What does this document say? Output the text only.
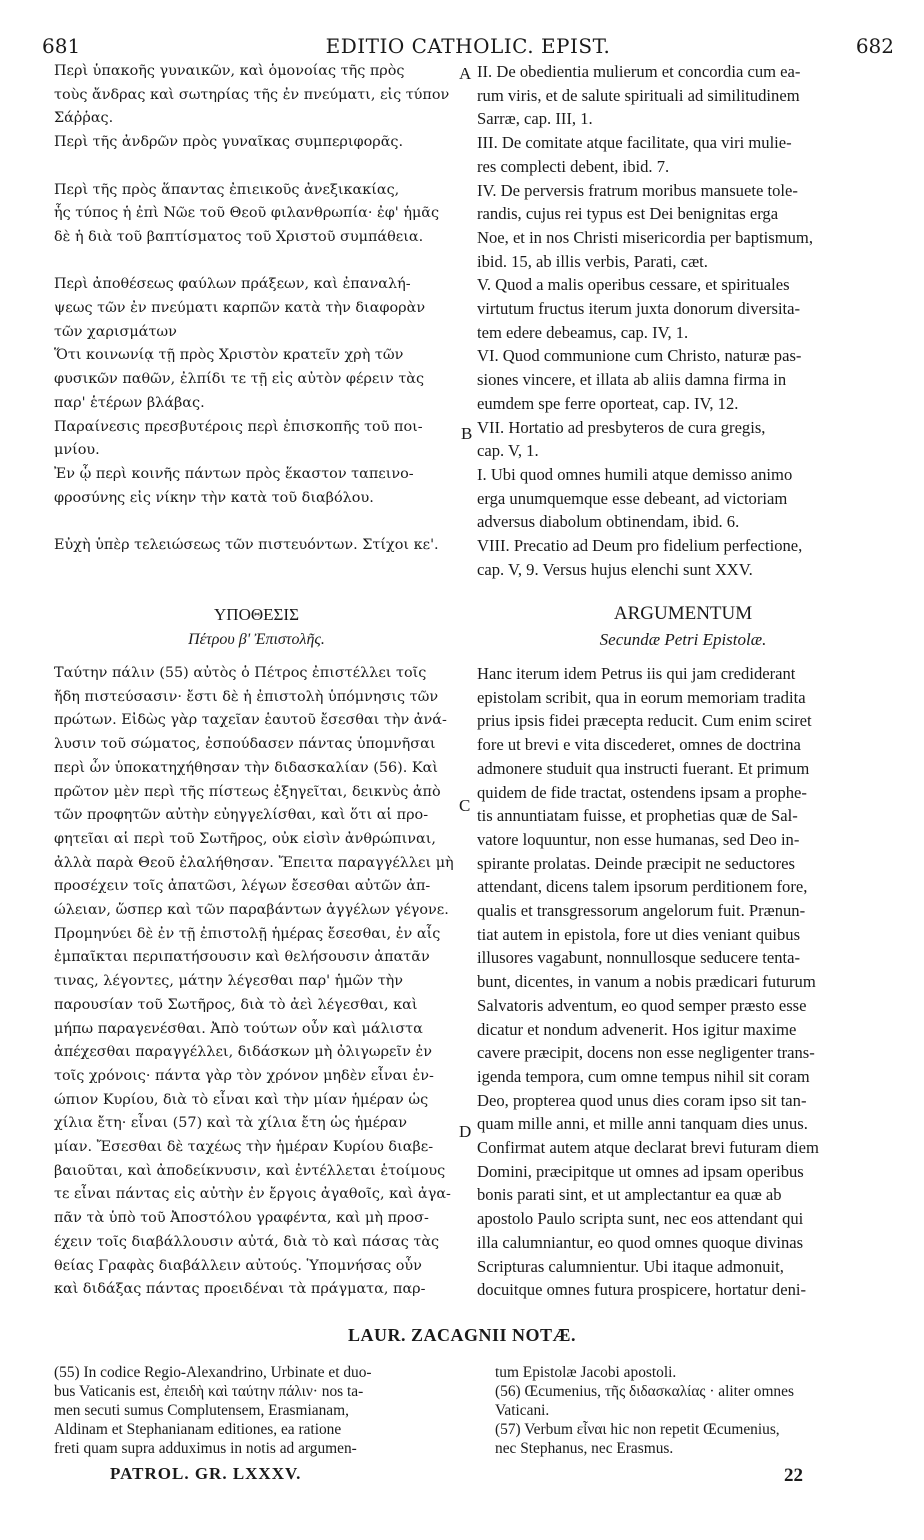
681	EDITIO CATHOLIC. EPIST.	682
Περὶ ὑπακοῆς γυναικῶν, καὶ ὁμονοίας τῆς πρὸς
τοὺς ἄνδρας καὶ σωτηρίας τῆς ἐν πνεύματι, εἰς τύπον
Σάῤῥας.
Περὶ τῆς ἀνδρῶν πρὸς γυναῖκας συμπεριφορᾶς.
Περὶ τῆς πρὸς ἅπαντας ἐπιεικοῦς ἀνεξικακίας,
ἧς τύπος ἡ ἐπὶ Νῶε τοῦ Θεοῦ φιλανθρωπία· ἐφ' ἡμᾶς
δὲ ἡ διὰ τοῦ βαπτίσματος τοῦ Χριστοῦ συμπάθεια.
Περὶ ἀποθέσεως φαύλων πράξεων, καὶ ἐπαναλή-
ψεως τῶν ἐν πνεύματι καρπῶν κατὰ τὴν διαφορὰν
τῶν χαρισμάτων
Ὅτι κοινωνίᾳ τῇ πρὸς Χριστὸν κρατεῖν χρὴ τῶν
φυσικῶν παθῶν, ἐλπίδι τε τῇ εἰς αὐτὸν φέρειν τὰς
παρ' ἑτέρων βλάβας.
Παραίνεσις πρεσβυτέροις περὶ ἐπισκοπῆς τοῦ ποι-
μνίου.
Ἐν ᾧ περὶ κοινῆς πάντων πρὸς ἕκαστον ταπεινο-
φροσύνης εἰς νίκην τὴν κατὰ τοῦ διαβόλου.
Εὐχὴ ὑπὲρ τελειώσεως τῶν πιστευόντων. Στίχοι κε'.
II. De obedientia mulierum et concordia cum ea-
rum viris, et de salute spirituali ad similitudinem
Sarræ, cap. III, 1.
III. De comitate atque facilitate, qua viri mulie-
res complecti debent, ibid. 7.
IV. De perversis fratrum moribus mansuete tole-
randis, cujus rei typus est Dei benignitas erga
Noe, et in nos Christi misericordia per baptismum,
ibid. 15, ab illis verbis, Parati, cæt.
V. Quod a malis operibus cessare, et spirituales
virtutum fructus iterum juxta donorum diversita-
tem edere debeamus, cap. IV, 1.
VI. Quod communione cum Christo, naturæ pas-
siones vincere, et illata ab aliis damna firma in
eumdem spe ferre oporteat, cap. IV, 12.
VII. Hortatio ad presbyteros de cura gregis,
cap. V, 1.
I. Ubi quod omnes humili atque demisso animo
erga unumquemque esse debeant, ad victoriam
adversus diabolum obtinendam, ibid. 6.
VIII. Precatio ad Deum pro fidelium perfectione,
cap. V, 9. Versus hujus elenchi sunt XXV.
A
B
C
D
ΥΠΟΘΕΣΙΣ
Πέτρου β' Ἐπιστολῆς.
ARGUMENTUM
Secundæ Petri Epistolæ.
Ταύτην πάλιν (55) αὐτὸς ὁ Πέτρος ἐπιστέλλει τοῖς
ἤδη πιστεύσασιν· ἔστι δὲ ἡ ἐπιστολὴ ὑπόμνησις τῶν
πρώτων. Εἰδὼς γὰρ ταχεῖαν ἑαυτοῦ ἔσεσθαι τὴν ἀνά-
λυσιν τοῦ σώματος, ἐσπούδασεν πάντας ὑπομνῆσαι
περὶ ὧν ὑποκατηχήθησαν τὴν διδασκαλίαν (56). Καὶ
πρῶτον μὲν περὶ τῆς πίστεως ἐξηγεῖται, δεικνὺς ἀπὸ
τῶν προφητῶν αὐτὴν εὐηγγελίσθαι, καὶ ὅτι αἱ προ-
φητεῖαι αἱ περὶ τοῦ Σωτῆρος, οὐκ εἰσὶν ἀνθρώπιναι,
ἀλλὰ παρὰ Θεοῦ ἐλαλήθησαν. Ἔπειτα παραγγέλλει μὴ
προσέχειν τοῖς ἀπατῶσι, λέγων ἔσεσθαι αὐτῶν ἀπ-
ώλειαν, ὥσπερ καὶ τῶν παραβάντων ἀγγέλων γέγονε.
Προμηνύει δὲ ἐν τῇ ἐπιστολῇ ἡμέρας ἔσεσθαι, ἐν αἷς
ἐμπαῖκται περιπατήσουσιν καὶ θελήσουσιν ἀπατᾶν
τινας, λέγοντες, μάτην λέγεσθαι παρ' ἡμῶν τὴν
παρουσίαν τοῦ Σωτῆρος, διὰ τὸ ἀεὶ λέγεσθαι, καὶ
μήπω παραγενέσθαι. Ἀπὸ τούτων οὖν καὶ μάλιστα
ἀπέχεσθαι παραγγέλλει, διδάσκων μὴ ὀλιγωρεῖν ἐν
τοῖς χρόνοις· πάντα γὰρ τὸν χρόνον μηδὲν εἶναι ἐν-
ώπιον Κυρίου, διὰ τὸ εἶναι καὶ τὴν μίαν ἡμέραν ὡς
χίλια ἔτη· εἶναι (57) καὶ τὰ χίλια ἔτη ὡς ἡμέραν
μίαν. Ἔσεσθαι δὲ ταχέως τὴν ἡμέραν Κυρίου διαβε-
βαιοῦται, καὶ ἀποδείκνυσιν, καὶ ἐντέλλεται ἑτοίμους
τε εἶναι πάντας εἰς αὐτὴν ἐν ἔργοις ἀγαθοῖς, καὶ ἀγα-
πᾶν τὰ ὑπὸ τοῦ Ἀποστόλου γραφέντα, καὶ μὴ προσ-
έχειν τοῖς διαβάλλουσιν αὐτά, διὰ τὸ καὶ πάσας τὰς
θείας Γραφὰς διαβάλλειν αὐτούς. Ὑπομνήσας οὖν
καὶ διδάξας πάντας προειδέναι τὰ πράγματα, παρ-
Hanc iterum idem Petrus iis qui jam crediderant
epistolam scribit, qua in eorum memoriam tradita
prius ipsis fidei præcepta reducit. Cum enim sciret
fore ut brevi e vita discederet, omnes de doctrina
admonere studuit qua instructi fuerant. Et primum
quidem de fide tractat, ostendens ipsam a prophe-
tis annuntiatam fuisse, et prophetias quæ de Sal-
vatore loquuntur, non esse humanas, sed Deo in-
spirante prolatas. Deinde præcipit ne seductores
attendant, dicens talem ipsorum perditionem fore,
qualis et transgressorum angelorum fuit. Prænun-
tiat autem in epistola, fore ut dies veniant quibus
illusores vagabunt, nonnullosque seducere tenta-
bunt, dicentes, in vanum a nobis prædicari futurum
Salvatoris adventum, eo quod semper præsto esse
dicatur et nondum advenerit. Hos igitur maxime
cavere præcipit, docens non esse negligenter trans-
igenda tempora, cum omne tempus nihil sit coram
Deo, propterea quod unus dies coram ipso sit tan-
quam mille anni, et mille anni tanquam dies unus.
Confirmat autem atque declarat brevi futuram diem
Domini, præcipitque ut omnes ad ipsam operibus
bonis parati sint, et ut amplectantur ea quæ ab
apostolo Paulo scripta sunt, nec eos attendant qui
illa calumniantur, eo quod omnes quoque divinas
Scripturas calumnientur. Ubi itaque admonuit,
docuitque omnes futura prospicere, hortatur deni-
LAUR. ZACAGNII NOTÆ.
(55) In codice Regio-Alexandrino, Urbinate et duo-
bus Vaticanis est, ἐπειδὴ καὶ ταύτην πάλιν· nos ta-
men secuti sumus Complutensem, Erasmianam,
Aldinam et Stephanianam editiones, ea ratione
freti quam supra adduximus in notis ad argumen-
tum Epistolæ Jacobi apostoli.
(56) Œcumenius, τῆς διδασκαλίας · aliter omnes
Vaticani.
(57) Verbum εἶναι hic non repetit Œcumenius,
nec Stephanus, nec Erasmus.
PATROL. GR. LXXXV.	22
